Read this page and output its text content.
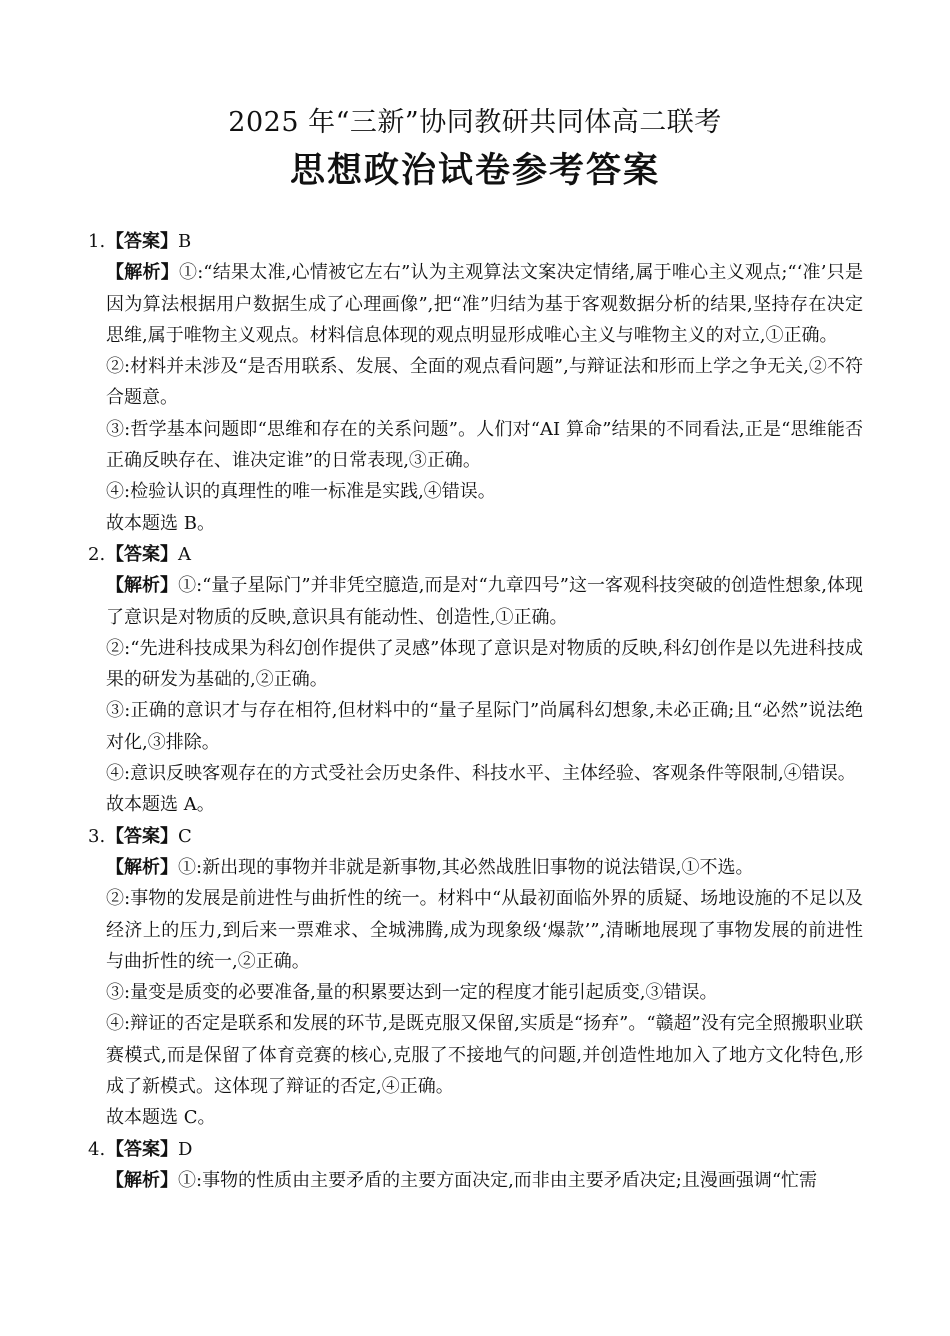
2025 年“三新”协同教研共同体高二联考
思想政治试卷参考答案
1.【答案】B

【解析】①:“结果太准,心情被它左右”认为主观算法文案决定情绪,属于唯心主义观点;“‘准’只是因为算法根据用户数据生成了心理画像”,把“准”归结为基于客观数据分析的结果,坚持存在决定思维,属于唯物主义观点。材料信息体现的观点明显形成唯心主义与唯物主义的对立,①正确。

②:材料并未涉及“是否用联系、发展、全面的观点看问题”,与辩证法和形而上学之争无关,②不符合题意。

③:哲学基本问题即“思维和存在的关系问题”。人们对“AI 算命”结果的不同看法,正是“思维能否正确反映存在、谁决定谁”的日常表现,③正确。

④:检验认识的真理性的唯一标准是实践,④错误。

故本题选 B。

2.【答案】A

【解析】①:“量子星际门”并非凭空臆造,而是对“九章四号”这一客观科技突破的创造性想象,体现了意识是对物质的反映,意识具有能动性、创造性,①正确。

②:“先进科技成果为科幻创作提供了灵感”体现了意识是对物质的反映,科幻创作是以先进科技成果的研发为基础的,②正确。

③:正确的意识才与存在相符,但材料中的“量子星际门”尚属科幻想象,未必正确;且“必然”说法绝对化,③排除。

④:意识反映客观存在的方式受社会历史条件、科技水平、主体经验、客观条件等限制,④错误。

故本题选 A。

3.【答案】C

【解析】①:新出现的事物并非就是新事物,其必然战胜旧事物的说法错误,①不选。

②:事物的发展是前进性与曲折性的统一。材料中“从最初面临外界的质疑、场地设施的不足以及经济上的压力,到后来一票难求、全城沸腾,成为现象级‘爆款’”,清晰地展现了事物发展的前进性与曲折性的统一,②正确。

③:量变是质变的必要准备,量的积累要达到一定的程度才能引起质变,③错误。

④:辩证的否定是联系和发展的环节,是既克服又保留,实质是“扬弃”。“赣超”没有完全照搬职业联赛模式,而是保留了体育竞赛的核心,克服了不接地气的问题,并创造性地加入了地方文化特色,形成了新模式。这体现了辩证的否定,④正确。

故本题选 C。

4.【答案】D

【解析】①:事物的性质由主要矛盾的主要方面决定,而非由主要矛盾决定;且漫画强调“忙需
